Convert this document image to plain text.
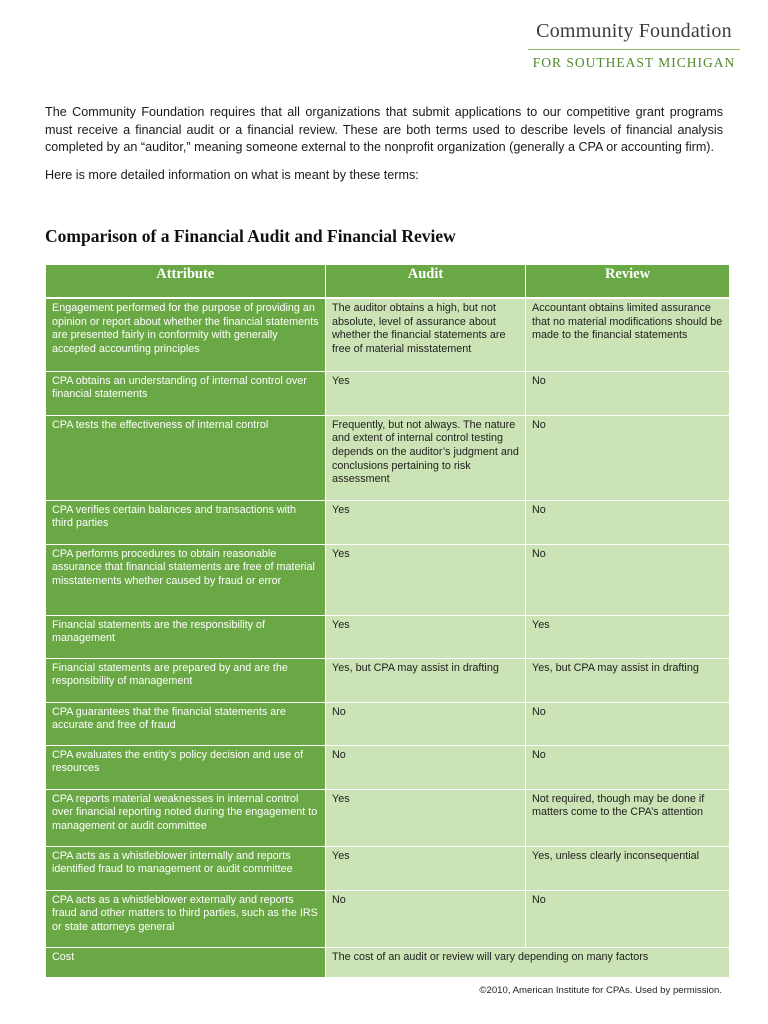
Community Foundation
FOR SOUTHEAST MICHIGAN

The Community Foundation requires that all organizations that submit applications to our competitive grant programs must receive a financial audit or a financial review. These are both terms used to describe levels of financial analysis completed by an “auditor,” meaning someone external to the nonprofit organization (generally a CPA or accounting firm).

Here is more detailed information on what is meant by these terms:

Comparison of a Financial Audit and Financial Review
Attribute	Audit	Review
Engagement performed for the purpose of providing an opinion or report about whether the financial statements are presented fairly in conformity with generally accepted accounting principles	The auditor obtains a high, but not absolute, level of assurance about whether the financial statements are free of material misstatement	Accountant obtains limited assurance that no material modifications should be made to the financial statements
CPA obtains an understanding of internal control over financial statements	Yes	No
CPA tests the effectiveness of internal control	Frequently, but not always. The nature and extent of internal control testing depends on the auditor’s judgment and conclusions pertaining to risk assessment	No
CPA verifies certain balances and transactions with third parties	Yes	No
CPA performs procedures to obtain reasonable assurance that financial statements are free of material misstatements whether caused by fraud or error	Yes	No
Financial statements are the responsibility of management	Yes	Yes
Financial statements are prepared by and are the responsibility of management	Yes, but CPA may assist in drafting	Yes, but CPA may assist in drafting
CPA guarantees that the financial statements are accurate and free of fraud	No	No
CPA evaluates the entity’s policy decision and use of resources	No	No
CPA reports material weaknesses in internal control over financial reporting noted during the engagement to management or audit committee	Yes	Not required, though may be done if matters come to the CPA’s attention
CPA acts as a whistleblower internally and reports identified fraud to management or audit committee	Yes	Yes, unless clearly inconsequential
CPA acts as a whistleblower externally and reports fraud and other matters to third parties, such as the IRS or state attorneys general	No	No
Cost	The cost of an audit or review will vary depending on many factors	
©2010, American Institute for CPAs. Used by permission.
